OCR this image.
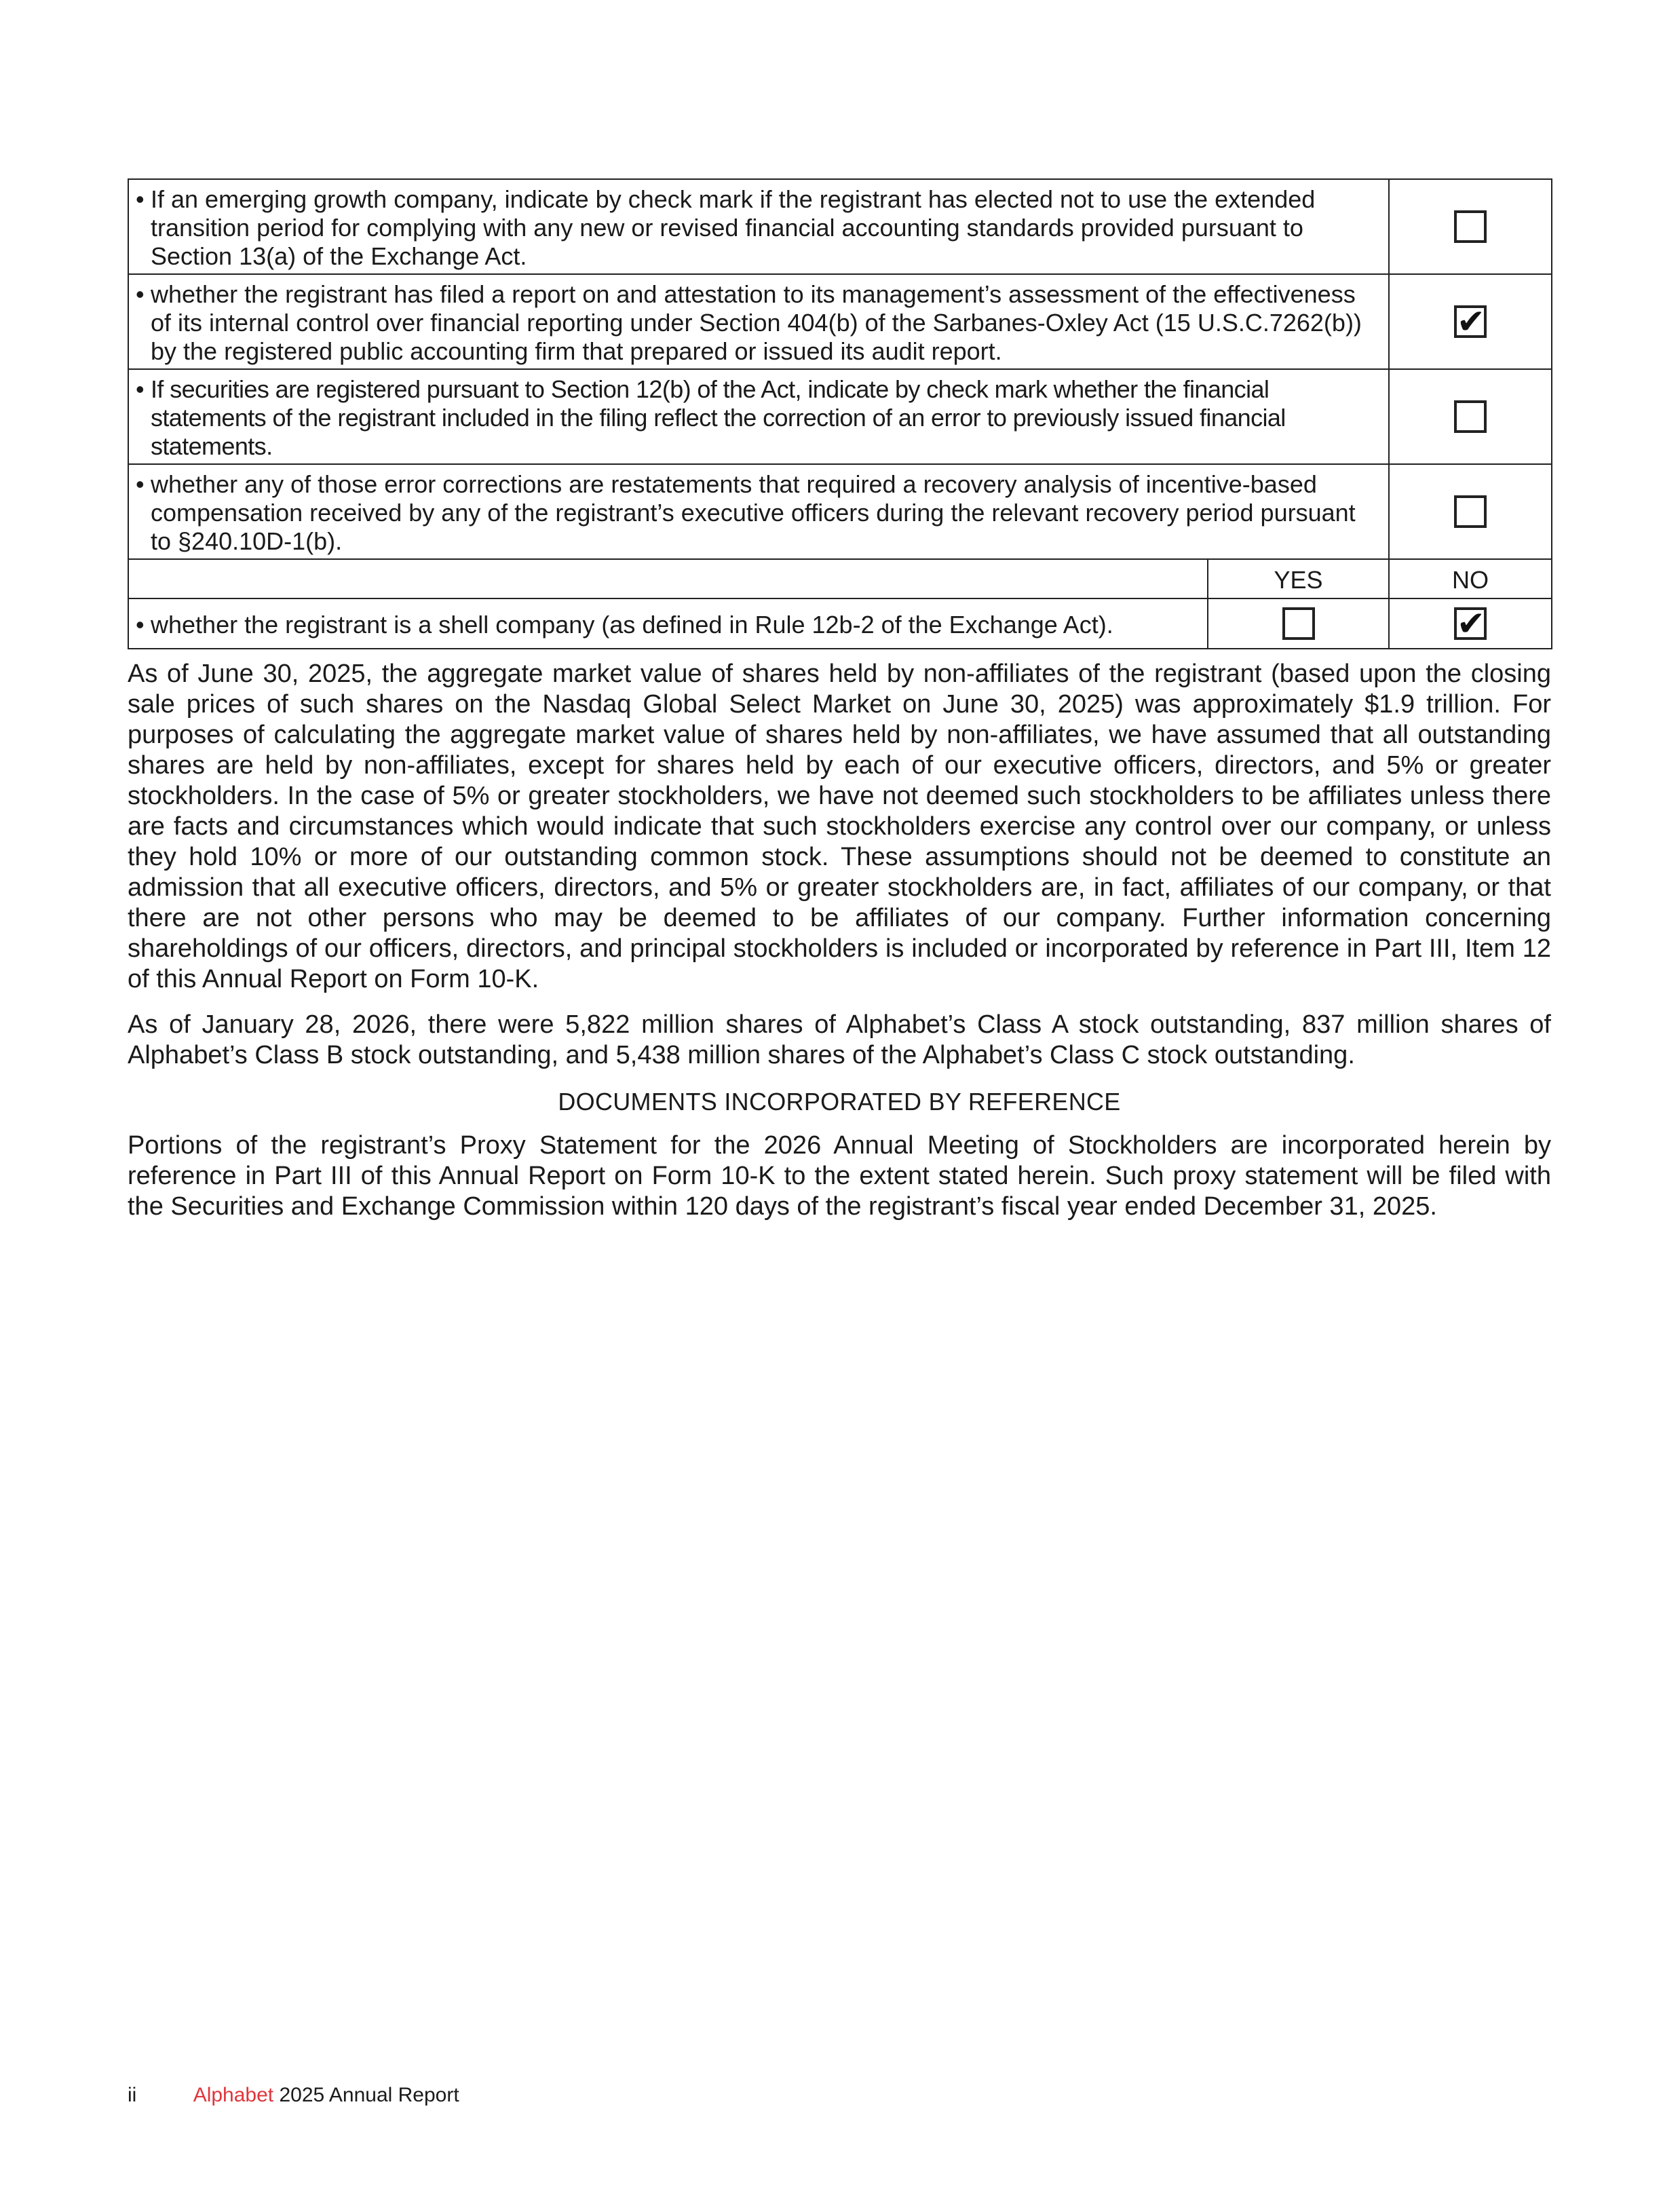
• If an emerging growth company, indicate by check mark if the registrant has elected not to use the extended transition period for complying with any new or revised financial accounting standards provided pursuant to Section 13(a) of the Exchange Act.		

• whether the registrant has filed a report on and attestation to its management’s assessment of the effectiveness of its internal control over financial reporting under Section 404(b) of the Sarbanes-Oxley Act (15 U.S.C.7262(b)) by the registered public accounting firm that prepared or issued its audit report.		✔

• If securities are registered pursuant to Section 12(b) of the Act, indicate by check mark whether the financial statements of the registrant included in the filing reflect the correction of an error to previously issued financial statements.		

• whether any of those error corrections are restatements that required a recovery analysis of incentive-based compensation received by any of the registrant’s executive officers during the relevant recovery period pursuant to §240.10D-1(b).		

	YES	NO

• whether the registrant is a shell company (as defined in Rule 12b-2 of the Exchange Act).		✔

As of June 30, 2025, the aggregate market value of shares held by non-affiliates of the registrant (based upon the closing sale prices of such shares on the Nasdaq Global Select Market on June 30, 2025) was approximately $1.9 trillion. For purposes of calculating the aggregate market value of shares held by non-affiliates, we have assumed that all outstanding shares are held by non-affiliates, except for shares held by each of our executive officers, directors, and 5% or greater stockholders. In the case of 5% or greater stockholders, we have not deemed such stockholders to be affiliates unless there are facts and circumstances which would indicate that such stockholders exercise any control over our company, or unless they hold 10% or more of our outstanding common stock. These assumptions should not be deemed to constitute an admission that all executive officers, directors, and 5% or greater stockholders are, in fact, affiliates of our company, or that there are not other persons who may be deemed to be affiliates of our company. Further information concerning shareholdings of our officers, directors, and principal stockholders is included or incorporated by reference in Part III, Item 12 of this Annual Report on Form 10-K.

As of January 28, 2026, there were 5,822 million shares of Alphabet’s Class A stock outstanding, 837 million shares of Alphabet’s Class B stock outstanding, and 5,438 million shares of the Alphabet’s Class C stock outstanding.

DOCUMENTS INCORPORATED BY REFERENCE

Portions of the registrant’s Proxy Statement for the 2026 Annual Meeting of Stockholders are incorporated herein by reference in Part III of this Annual Report on Form 10-K to the extent stated herein. Such proxy statement will be filed with the Securities and Exchange Commission within 120 days of the registrant’s fiscal year ended December 31, 2025.

ii	Alphabet 2025 Annual Report
